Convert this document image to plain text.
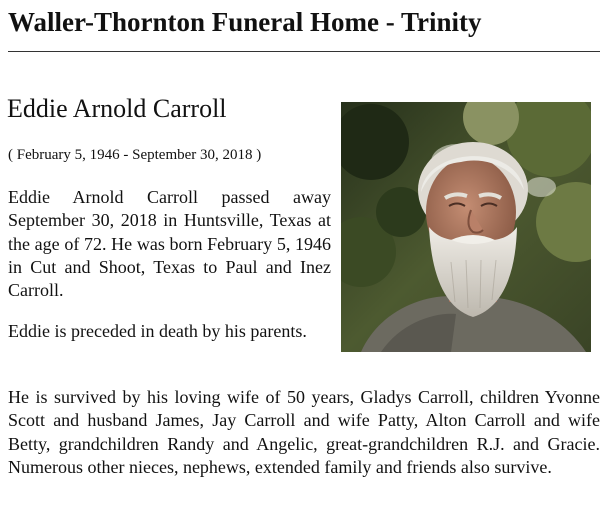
Waller-Thornton Funeral Home - Trinity
Eddie Arnold Carroll

( February 5, 1946 - September 30, 2018 )

Eddie Arnold Carroll passed away September 30, 2018 in Huntsville, Texas at the age of 72. He was born February 5, 1946 in Cut and Shoot, Texas to Paul and Inez Carroll.

Eddie is preceded in death by his parents.

He is survived by his loving wife of 50 years, Gladys Carroll, children Yvonne Scott and husband James, Jay Carroll and wife Patty, Alton Carroll and wife Betty, grandchildren Randy and Angelic, great-grandchildren R.J. and Gracie. Numerous other nieces, nephews, extended family and friends also survive.
